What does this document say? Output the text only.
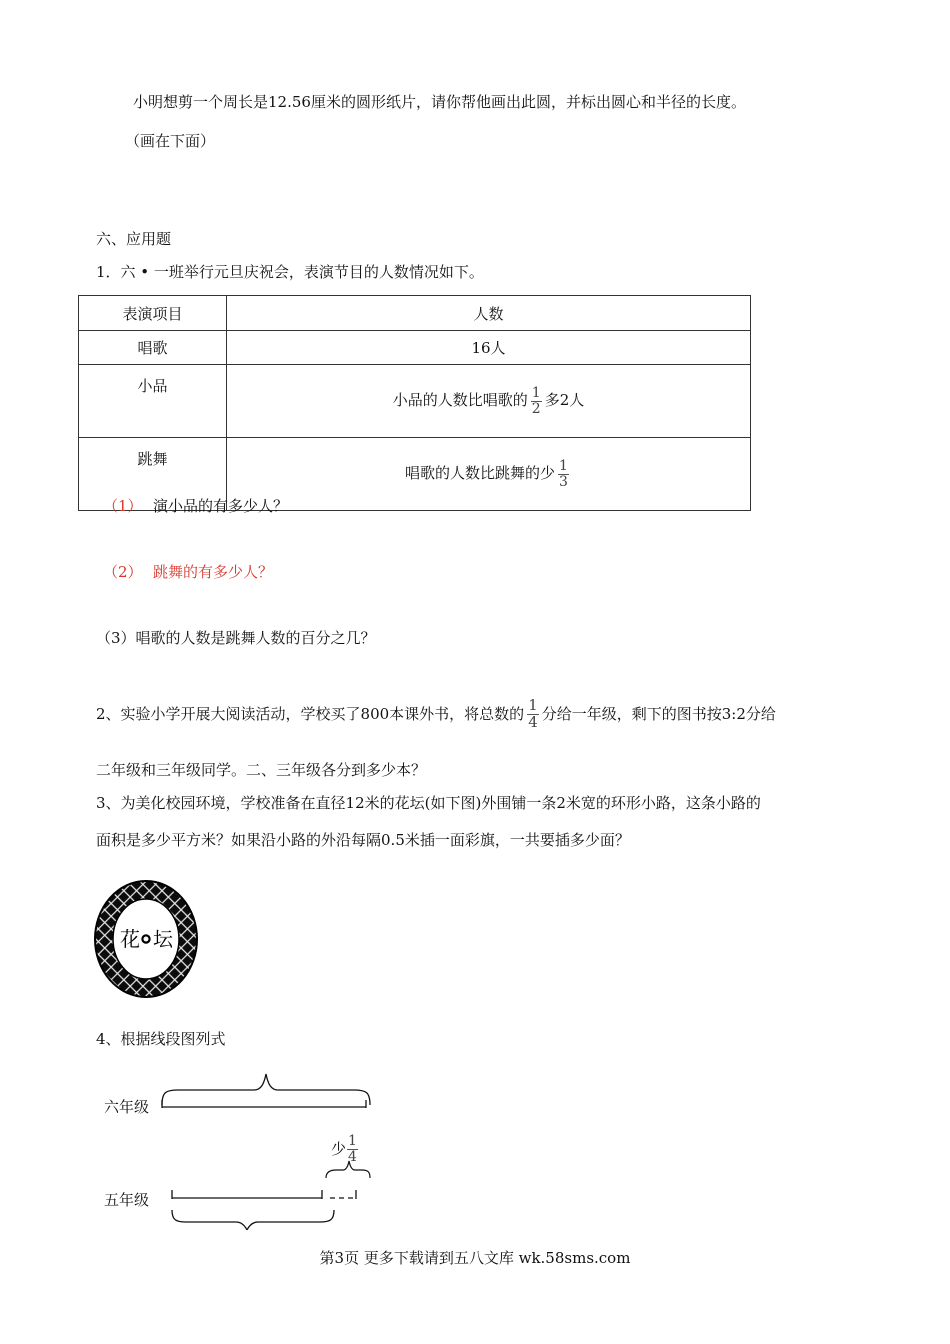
小明想剪一个周长是12.56厘米的圆形纸片，请你帮他画出此圆，并标出圆心和半径的长度。
（画在下面）
六、应用题
1．六 • 一班举行元旦庆祝会，表演节目的人数情况如下。
表演项目	人数
唱歌	16人
小品	小品的人数比唱歌的 $\frac{1}{2}$ 多2人
跳舞	唱歌的人数比跳舞的少 $\frac{1}{3}$
（1） 演小品的有多少人？
（2） 跳舞的有多少人？
（3）唱歌的人数是跳舞人数的百分之几？
2、实验小学开展大阅读活动，学校买了800本课外书，将总数的 $\frac{1}{4}$ 分给一年级，剩下的图书按3:2分给
二年级和三年级同学。二、三年级各分到多少本？
3、为美化校园环境，学校准备在直径12米的花坛(如下图)外围铺一条2米宽的环形小路，这条小路的
面积是多少平方米？如果沿小路的外沿每隔0.5米插一面彩旗，一共要插多少面？
花 坛
4、根据线段图列式
六年级
五年级
少 $\frac{1}{4}$
第3页 更多下载请到五八文库 wk.58sms.com
